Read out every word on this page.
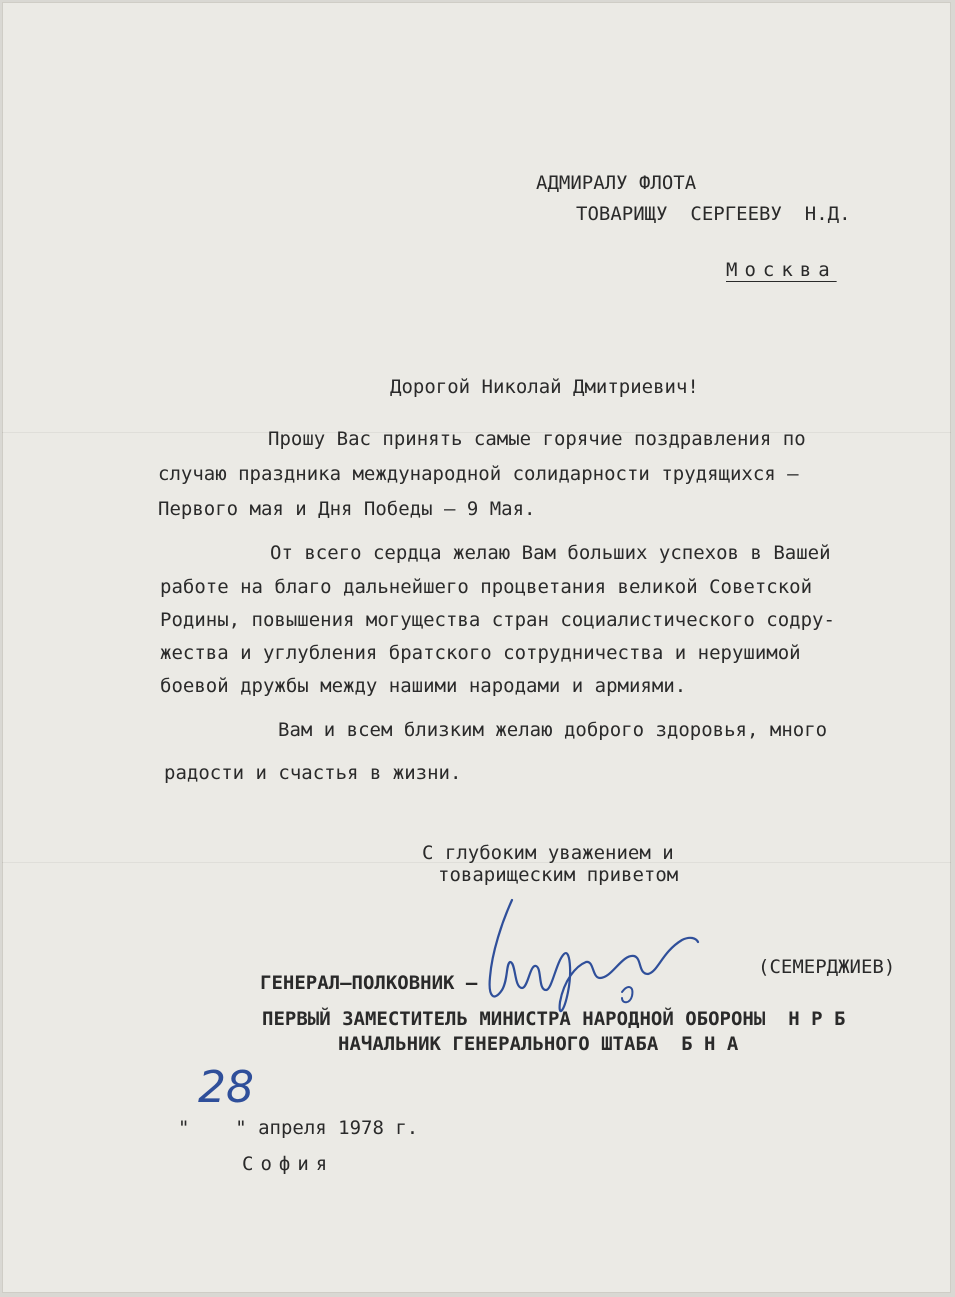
АДМИРАЛУ ФЛОТА
ТОВАРИЩУ  СЕРГЕЕВУ  Н.Д.
Москва
Дорогой Николай Дмитриевич!
Прошу Вас принять самые горячие поздравления по
случаю праздника международной солидарности трудящихся –
Первого мая и Дня Победы – 9 Мая.
От всего сердца желаю Вам больших успехов в Вашей
работе на благо дальнейшего процветания великой Советской
Родины, повышения могущества стран социалистического содру-
жества и углубления братского сотрудничества и нерушимой
боевой дружбы между нашими народами и армиями.
Вам и всем близким желаю доброго здоровья, много
радости и счастья в жизни.
С глубоким уважением и
товарищеским приветом
ГЕНЕРАЛ–ПОЛКОВНИК –
(СЕМЕРДЖИЕВ)
ПЕРВЫЙ ЗАМЕСТИТЕЛЬ МИНИСТРА НАРОДНОЙ ОБОРОНЫ  Н Р Б
НАЧАЛЬНИК ГЕНЕРАЛЬНОГО ШТАБА  Б Н А
28
"    " апреля 1978 г.
София
